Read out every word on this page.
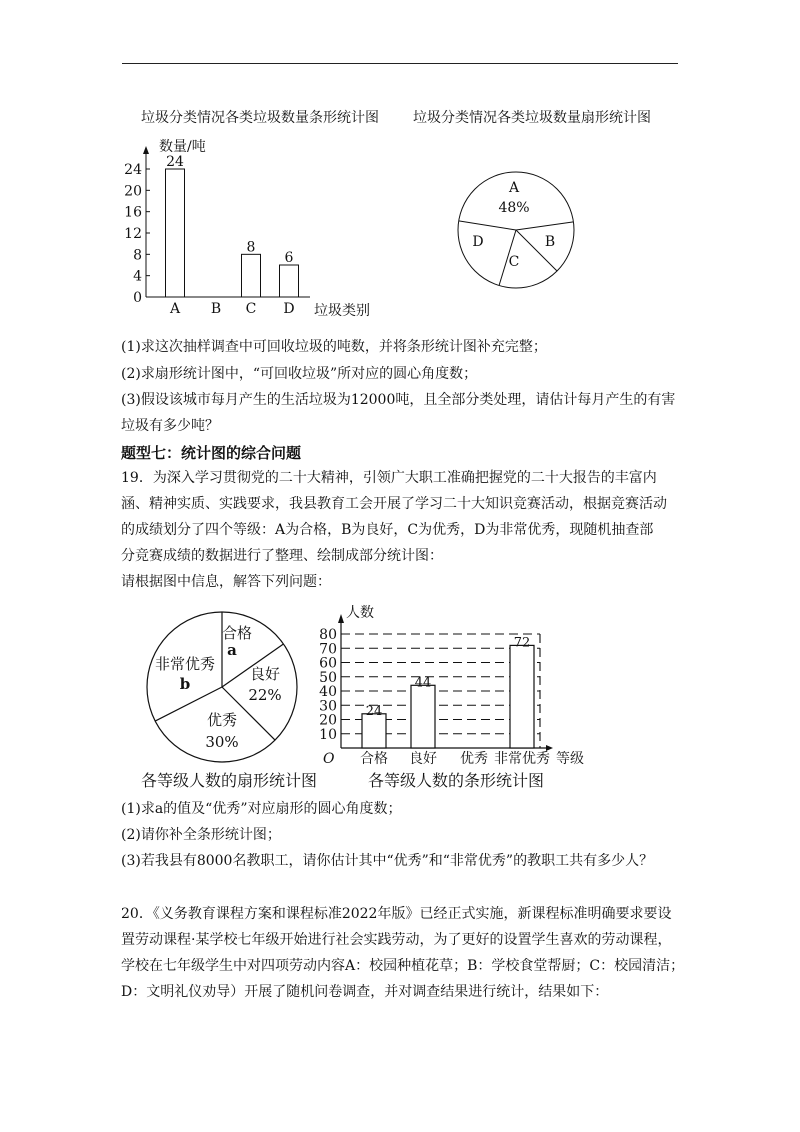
垃圾分类情况各类垃圾数量条形统计图 垃圾分类情况各类垃圾数量扇形统计图
数量/吨
垃圾类别
0
4
8
12
16
20
24
A
24
B C
8
D
6
A
48%
B
C
D
(1)求这次抽样调查中可回收垃圾的吨数，并将条形统计图补充完整；
(2)求扇形统计图中，“可回收垃圾”所对应的圆心角度数；
(3)假设该城市每月产生的生活垃圾为12000吨，且全部分类处理，请估计每月产生的有害
垃圾有多少吨？
题型七：统计图的综合问题
19．为深入学习贯彻党的二十大精神，引领广大职工准确把握党的二十大报告的丰富内
涵、精神实质、实践要求，我县教育工会开展了学习二十大知识竞赛活动，根据竞赛活动
的成绩划分了四个等级：A为合格，B为良好，C为优秀，D为非常优秀，现随机抽查部
分竞赛成绩的数据进行了整理、绘制成部分统计图：
请根据图中信息，解答下列问题：
合格
a
良好
22%
优秀
30%
非常优秀
b
人数
等级
O
10
20
30
40
50
60
70
80
合格
24
良好
44
优秀 非常优秀
72
各等级人数的扇形统计图	各等级人数的条形统计图
(1)求a的值及“优秀”对应扇形的圆心角度数；
(2)请你补全条形统计图；
(3)若我县有8000名教职工，请你估计其中“优秀”和“非常优秀”的教职工共有多少人？
20．《义务教育课程方案和课程标准2022年版》已经正式实施，新课程标准明确要求要设
置劳动课程·某学校七年级开始进行社会实践劳动，为了更好的设置学生喜欢的劳动课程，
学校在七年级学生中对四项劳动内容A：校园种植花草；B：学校食堂帮厨；C：校园清洁；
D：文明礼仪劝导）开展了随机问卷调查，并对调查结果进行统计，结果如下：
